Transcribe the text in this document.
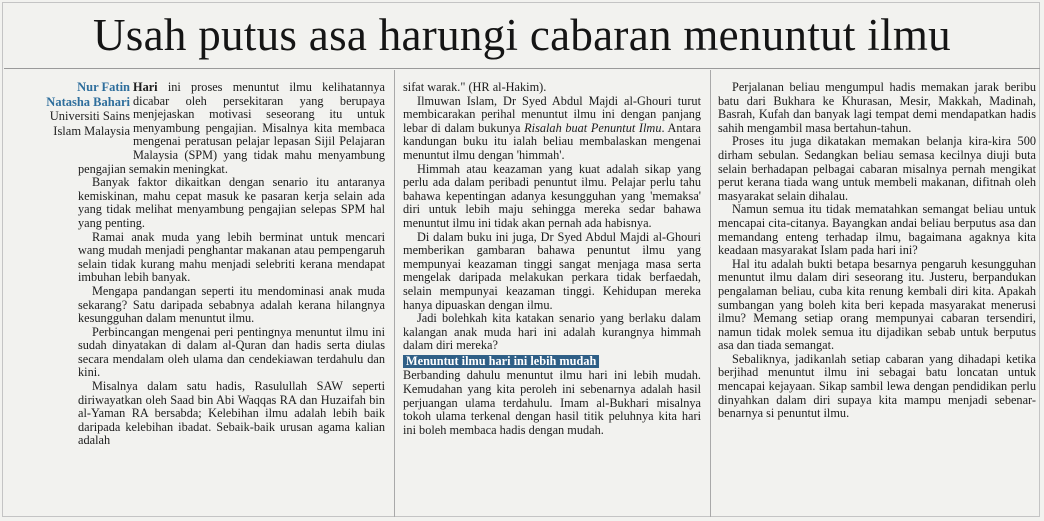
Usah putus asa harungi cabaran menuntut ilmu
Nur Fatin
Natasha Bahari
Universiti Sains
Islam Malaysia

Hari ini proses menuntut ilmu kelihatannya dicabar oleh persekitaran yang berupaya menjejaskan motivasi seseorang itu untuk menyambung pengajian. Misalnya kita membaca mengenai peratusan pelajar lepasan Sijil Pelajaran Malaysia (SPM) yang tidak mahu menyambung pengajian semakin meningkat.

Banyak faktor dikaitkan dengan senario itu antaranya kemiskinan, mahu cepat masuk ke pasaran kerja selain ada yang tidak melihat menyambung pengajian selepas SPM hal yang penting.

Ramai anak muda yang lebih berminat untuk mencari wang mudah menjadi penghantar makanan atau pempengaruh selain tidak kurang mahu menjadi selebriti kerana mendapat imbuhan lebih banyak.

Mengapa pandangan seperti itu mendominasi anak muda sekarang? Satu daripada sebabnya adalah kerana hilangnya kesungguhan dalam menuntut ilmu.

Perbincangan mengenai peri pentingnya menuntut ilmu ini sudah dinyatakan di dalam al-Quran dan hadis serta diulas secara mendalam oleh ulama dan cendekiawan terdahulu dan kini.

Misalnya dalam satu hadis, Rasulullah SAW seperti diriwayatkan oleh Saad bin Abi Waqqas RA dan Huzaifah bin al-Yaman RA bersabda; Kelebihan ilmu adalah lebih baik daripada kelebihan ibadat. Sebaik-baik urusan agama kalian adalah

sifat warak." (HR al-Hakim).

Ilmuwan Islam, Dr Syed Abdul Majdi al-Ghouri turut membicarakan perihal menuntut ilmu ini dengan panjang lebar di dalam bukunya Risalah buat Penuntut Ilmu. Antara kandungan buku itu ialah beliau membalaskan mengenai menuntut ilmu dengan 'himmah'.

Himmah atau keazaman yang kuat adalah sikap yang perlu ada dalam peribadi penuntut ilmu. Pelajar perlu tahu bahawa kepentingan adanya kesungguhan yang 'memaksa' diri untuk lebih maju sehingga mereka sedar bahawa menuntut ilmu ini tidak akan pernah ada habisnya.

Di dalam buku ini juga, Dr Syed Abdul Majdi al-Ghouri memberikan gambaran bahawa penuntut ilmu yang mempunyai keazaman tinggi sangat menjaga masa serta mengelak daripada melakukan perkara tidak berfaedah, selain mempunyai keazaman tinggi. Kehidupan mereka hanya dipuaskan dengan ilmu.

Jadi bolehkah kita katakan senario yang berlaku dalam kalangan anak muda hari ini adalah kurangnya himmah dalam diri mereka?

Menuntut ilmu hari ini lebih mudah

Berbanding dahulu menuntut ilmu hari ini lebih mudah. Kemudahan yang kita peroleh ini sebenarnya adalah hasil perjuangan ulama terdahulu. Imam al-Bukhari misalnya tokoh ulama terkenal dengan hasil titik peluhnya kita hari ini boleh membaca hadis dengan mudah.

Perjalanan beliau mengumpul hadis memakan jarak beribu batu dari Bukhara ke Khurasan, Mesir, Makkah, Madinah, Basrah, Kufah dan banyak lagi tempat demi mendapatkan hadis sahih mengambil masa bertahun-tahun.

Proses itu juga dikatakan memakan belanja kira-kira 500 dirham sebulan. Sedangkan beliau semasa kecilnya diuji buta selain berhadapan pelbagai cabaran misalnya pernah mengikat perut kerana tiada wang untuk membeli makanan, difitnah oleh masyarakat selain dihalau.

Namun semua itu tidak mematahkan semangat beliau untuk mencapai cita-citanya. Bayangkan andai beliau berputus asa dan memandang enteng terhadap ilmu, bagaimana agaknya kita keadaan masyarakat Islam pada hari ini?

Hal itu adalah bukti betapa besarnya pengaruh kesungguhan menuntut ilmu dalam diri seseorang itu. Justeru, berpandukan pengalaman beliau, cuba kita renung kembali diri kita. Apakah sumbangan yang boleh kita beri kepada masyarakat menerusi ilmu? Memang setiap orang mempunyai cabaran tersendiri, namun tidak molek semua itu dijadikan sebab untuk berputus asa dan tiada semangat.

Sebaliknya, jadikanlah setiap cabaran yang dihadapi ketika berjihad menuntut ilmu ini sebagai batu loncatan untuk mencapai kejayaan. Sikap sambil lewa dengan pendidikan perlu dinyahkan dalam diri supaya kita mampu menjadi sebenar-benarnya si penuntut ilmu.
